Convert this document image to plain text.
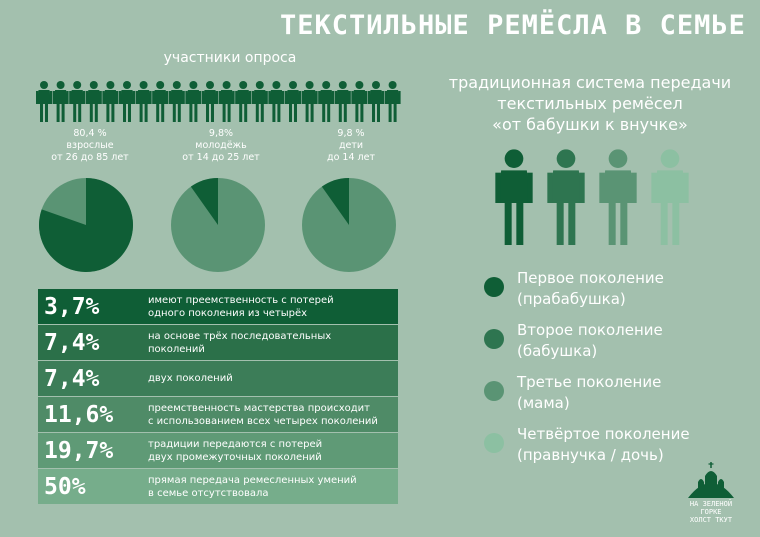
ТЕКСТИЛЬНЫЕ РЕМЁСЛА В СЕМЬЕ
участники опроса
80,4 %
взрослые
от 26 до 85 лет
9,8%
молодёжь
от 14 до 25 лет
9,8 %
дети
до 14 лет
3,7%	имеют преемственность с потерей
одного поколения из четырёх
7,4%	на основе трёх последовательных
поколений
7,4%	двух поколений
11,6%	преемственность мастерства происходит
с использованием всех четырех поколений
19,7%	традиции передаются с потерей
двух промежуточных поколений
50%	прямая передача ремесленных умений
в семье отсутствовала
традиционная система передачи
текстильных ремёсел
«от бабушки к внучке»
Первое поколение
(прабабушка)
Второе поколение
(бабушка)
Третье поколение
(мама)
Четвёртое поколение
(правнучка / дочь)
НА ЗЕЛЕНОЙ
ГОРКЕ
ХОЛСТ ТКУТ
